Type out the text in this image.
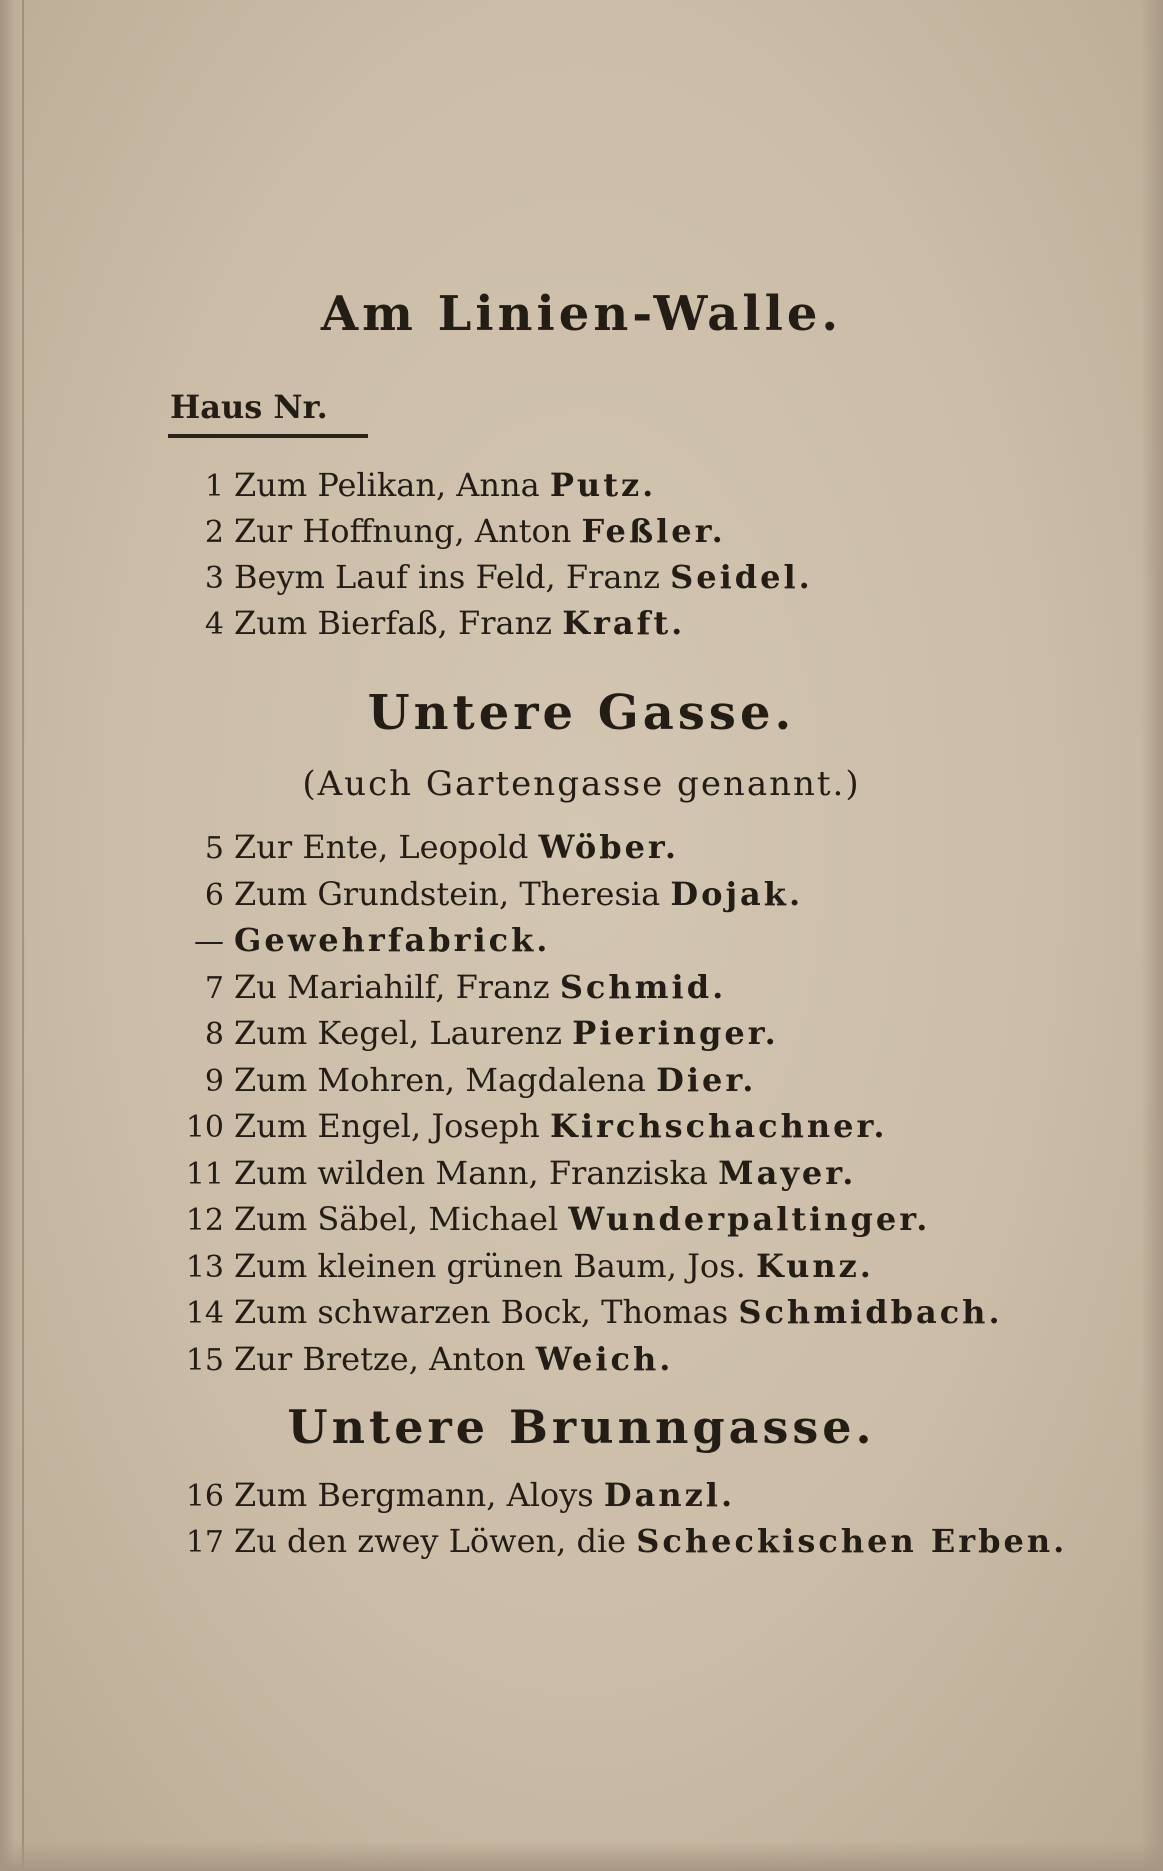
Am Linien-Walle.
Haus Nr.
1 Zum Pelikan, Anna Putz.
2 Zur Hoffnung, Anton Feßler.
3 Beym Lauf ins Feld, Franz Seidel.
4 Zum Bierfaß, Franz Kraft.
Untere Gasse.
(Auch Gartengasse genannt.)
5 Zur Ente, Leopold Wöber.
6 Zum Grundstein, Theresia Dojak.
— Gewehrfabrick.
7 Zu Mariahilf, Franz Schmid.
8 Zum Kegel, Laurenz Pieringer.
9 Zum Mohren, Magdalena Dier.
10 Zum Engel, Joseph Kirchschachner.
11 Zum wilden Mann, Franziska Mayer.
12 Zum Säbel, Michael Wunderpaltinger.
13 Zum kleinen grünen Baum, Jos. Kunz.
14 Zum schwarzen Bock, Thomas Schmidbach.
15 Zur Bretze, Anton Weich.
Untere Brunngasse.
16 Zum Bergmann, Aloys Danzl.
17 Zu den zwey Löwen, die Scheckischen Erben.
